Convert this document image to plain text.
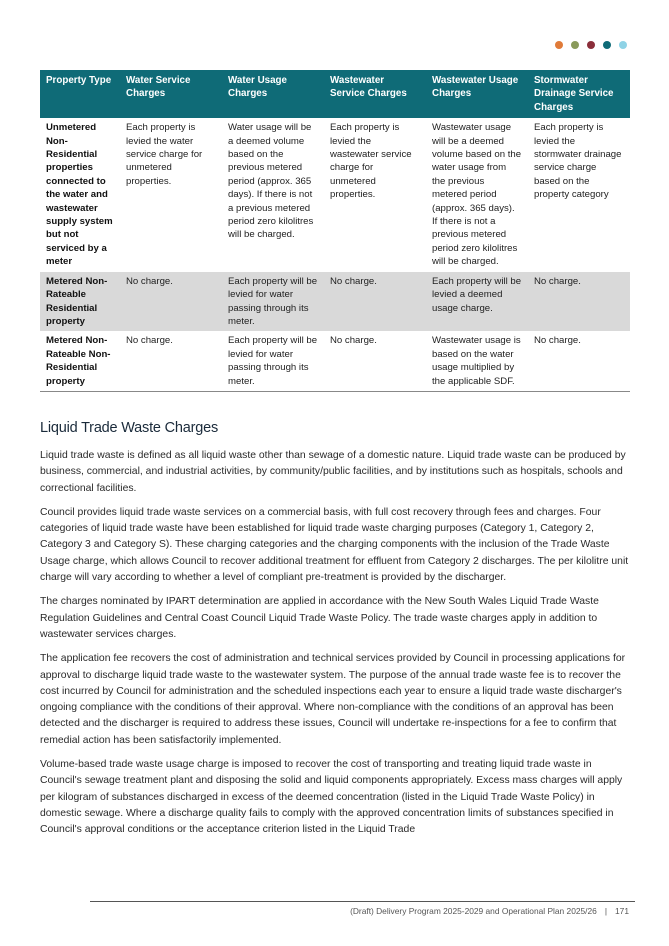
Property Type	Water Service Charges	Water Usage Charges	Wastewater Service Charges	Wastewater Usage Charges	Stormwater Drainage Service Charges
Unmetered Non-Residential properties connected to the water and wastewater supply system but not serviced by a meter	Each property is levied the water service charge for unmetered properties.	Water usage will be a deemed volume based on the previous metered period (approx. 365 days). If there is not a previous metered period zero kilolitres will be charged.	Each property is levied the wastewater service charge for unmetered properties.	Wastewater usage will be a deemed volume based on the water usage from the previous metered period (approx. 365 days). If there is not a previous metered period zero kilolitres will be charged.	Each property is levied the stormwater drainage service charge based on the property category
Metered Non-Rateable Residential property	No charge.	Each property will be levied for water passing through its meter.	No charge.	Each property will be levied a deemed usage charge.	No charge.
Metered Non-Rateable Non-Residential property	No charge.	Each property will be levied for water passing through its meter.	No charge.	Wastewater usage is based on the water usage multiplied by the applicable SDF.	No charge.
Liquid Trade Waste Charges

Liquid trade waste is defined as all liquid waste other than sewage of a domestic nature. Liquid trade waste can be produced by business, commercial, and industrial activities, by community/public facilities, and by institutions such as hospitals, schools and correctional facilities.

Council provides liquid trade waste services on a commercial basis, with full cost recovery through fees and charges. Four categories of liquid trade waste have been established for liquid trade waste charging purposes (Category 1, Category 2, Category 3 and Category S). These charging categories and the charging components with the inclusion of the Trade Waste Usage charge, which allows Council to recover additional treatment for effluent from Category 2 discharges. The per kilolitre unit charge will vary according to whether a level of compliant pre-treatment is provided by the discharger.

The charges nominated by IPART determination are applied in accordance with the New South Wales Liquid Trade Waste Regulation Guidelines and Central Coast Council Liquid Trade Waste Policy. The trade waste charges apply in addition to wastewater services charges.

The application fee recovers the cost of administration and technical services provided by Council in processing applications for approval to discharge liquid trade waste to the wastewater system. The purpose of the annual trade waste fee is to recover the cost incurred by Council for administration and the scheduled inspections each year to ensure a liquid trade waste discharger's ongoing compliance with the conditions of their approval. Where non-compliance with the conditions of an approval has been detected and the discharger is required to address these issues, Council will undertake re-inspections for a fee to confirm that remedial action has been satisfactorily implemented.

Volume-based trade waste usage charge is imposed to recover the cost of transporting and treating liquid trade waste in Council's sewage treatment plant and disposing the solid and liquid components appropriately. Excess mass charges will apply per kilogram of substances discharged in excess of the deemed concentration (listed in the Liquid Trade Waste Policy) in domestic sewage. Where a discharge quality fails to comply with the approved concentration limits of substances specified in Council's approval conditions or the acceptance criterion listed in the Liquid Trade

(Draft) Delivery Program 2025-2029 and Operational Plan 2025/26 | 171
